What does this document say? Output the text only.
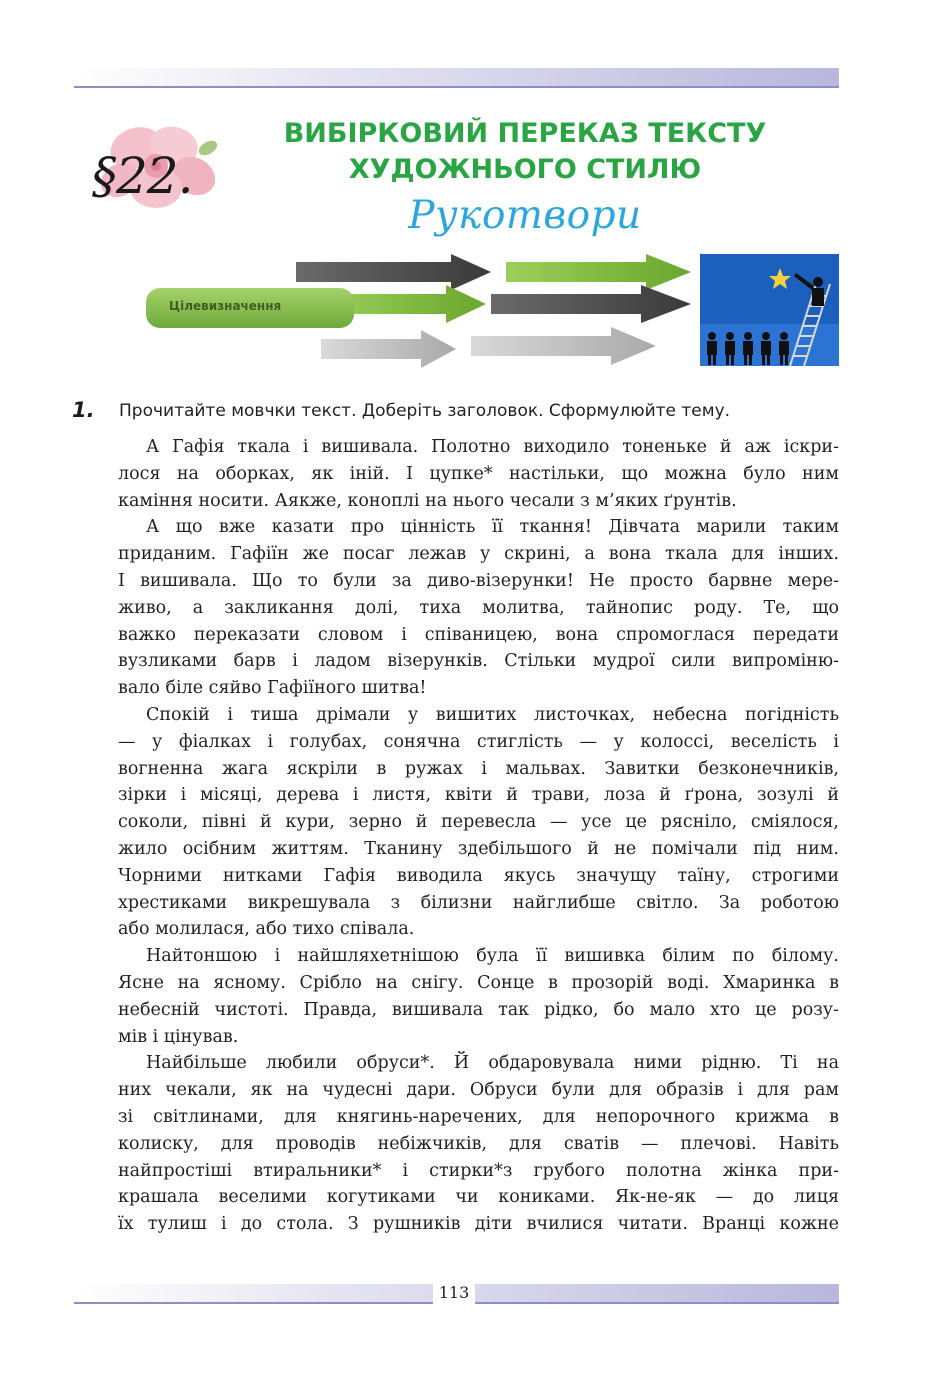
§22.
ВИБІРКОВИЙ ПЕРЕКАЗ ТЕКСТУ
ХУДОЖНЬОГО СТИЛЮ
Рукотвори
Цілевизначення
1. Прочитайте мовчки текст. Доберіть заголовок. Сформулюйте тему.
А Гафія ткала і вишивала. Полотно виходило тоненьке й аж іскри-
лося на оборках, як іній. І цупке* настільки, що можна було ним
каміння носити. Аякже, коноплі на нього чесали з м’яких ґрунтів.
А що вже казати про цінність її ткання! Дівчата марили таким
приданим. Гафіїн же посаг лежав у скрині, а вона ткала для інших.
І вишивала. Що то були за диво-візерунки! Не просто барвне мере-
живо, а закликання долі, тиха молитва, тайнопис роду. Те, що
важко переказати словом і співаницею, вона спромоглася передати
вузликами барв і ладом візерунків. Стільки мудрої сили випроміню-
вало біле сяйво Гафіїного шитва!
Спокій і тиша дрімали у вишитих листочках, небесна погідність
— у фіалках і голубах, сонячна стиглість — у колоссі, веселість і
вогненна жага яскріли в ружах і мальвах. Завитки безконечників,
зірки і місяці, дерева і листя, квіти й трави, лоза й ґрона, зозулі й
соколи, півні й кури, зерно й перевесла — усе це рясніло, сміялося,
жило осібним життям. Тканину здебільшого й не помічали під ним.
Чорними нитками Гафія виводила якусь значущу таїну, строгими
хрестиками викрешувала з білизни найглибше світло. За роботою
або молилася, або тихо співала.
Найтоншою і найшляхетнішою була її вишивка білим по білому.
Ясне на ясному. Срібло на снігу. Сонце в прозорій воді. Хмаринка в
небесній чистоті. Правда, вишивала так рідко, бо мало хто це розу-
мів і цінував.
Найбільше любили обруси*. Й обдаровувала ними рідню. Ті на
них чекали, як на чудесні дари. Обруси були для образів і для рам
зі світлинами, для княгинь-наречених, для непорочного крижма в
колиску, для проводів небіжчиків, для сватів — плечові. Навіть
найпростіші втиральники* і стирки*з грубого полотна жінка при-
крашала веселими когутиками чи кониками. Як-не-як — до лиця
їх тулиш і до стола. З рушників діти вчилися читати. Вранці кожне
113
